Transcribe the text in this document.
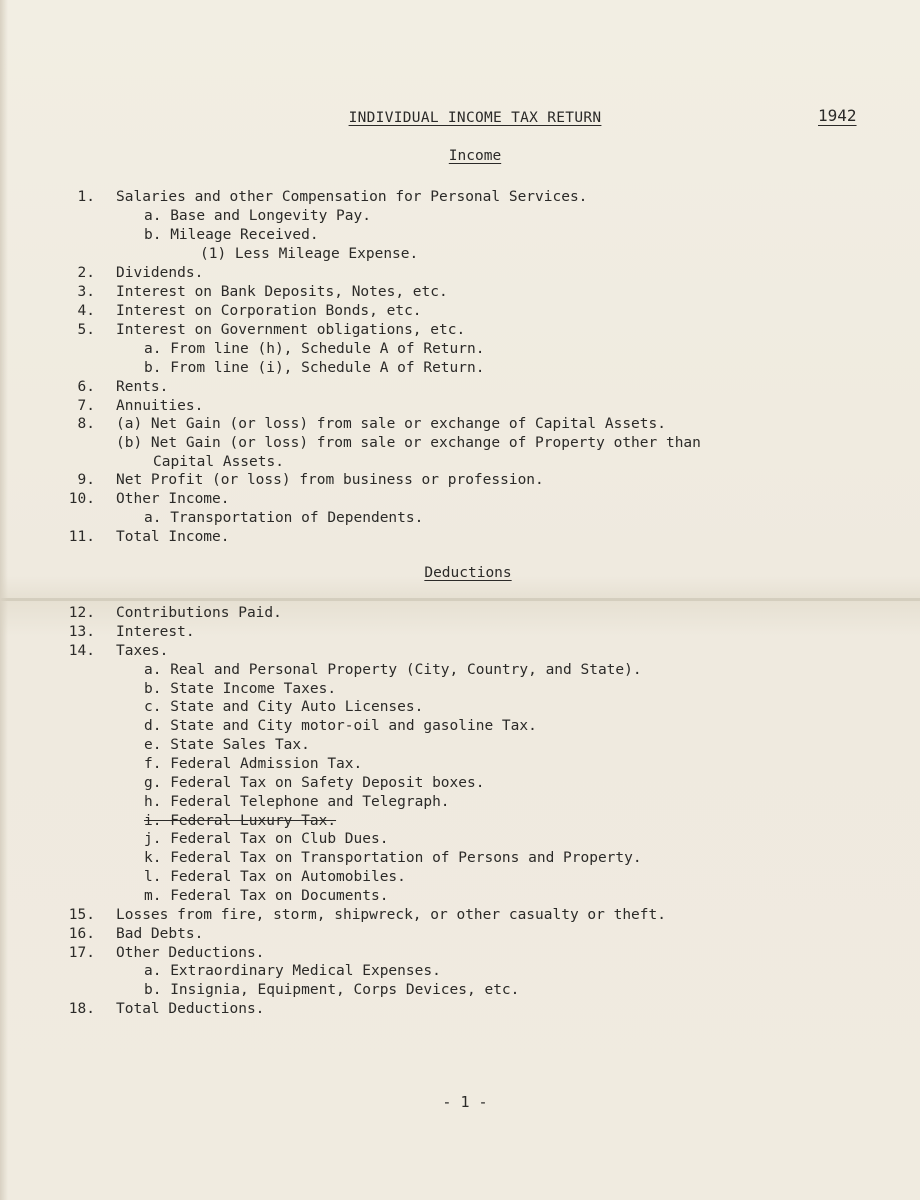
INDIVIDUAL INCOME TAX RETURN	1942
Income
Deductions
1. Salaries and other Compensation for Personal Services.
a. Base and Longevity Pay.
b. Mileage Received.
(1) Less Mileage Expense.
2. Dividends.
3. Interest on Bank Deposits, Notes, etc.
4. Interest on Corporation Bonds, etc.
5. Interest on Government obligations, etc.
a. From line (h), Schedule A of Return.
b. From line (i), Schedule A of Return.
6. Rents.
7. Annuities.
8. (a) Net Gain (or loss) from sale or exchange of Capital Assets.
(b) Net Gain (or loss) from sale or exchange of Property other than
Capital Assets.
9. Net Profit (or loss) from business or profession.
10. Other Income.
a. Transportation of Dependents.
11. Total Income.
12. Contributions Paid.
13. Interest.
14. Taxes.
a. Real and Personal Property (City, Country, and State).
b. State Income Taxes.
c. State and City Auto Licenses.
d. State and City motor-oil and gasoline Tax.
e. State Sales Tax.
f. Federal Admission Tax.
g. Federal Tax on Safety Deposit boxes.
h. Federal Telephone and Telegraph.
i. Federal Luxury Tax.
j. Federal Tax on Club Dues.
k. Federal Tax on Transportation of Persons and Property.
l. Federal Tax on Automobiles.
m. Federal Tax on Documents.
15. Losses from fire, storm, shipwreck, or other casualty or theft.
16. Bad Debts.
17. Other Deductions.
a. Extraordinary Medical Expenses.
b. Insignia, Equipment, Corps Devices, etc.
18. Total Deductions.
- 1 -
